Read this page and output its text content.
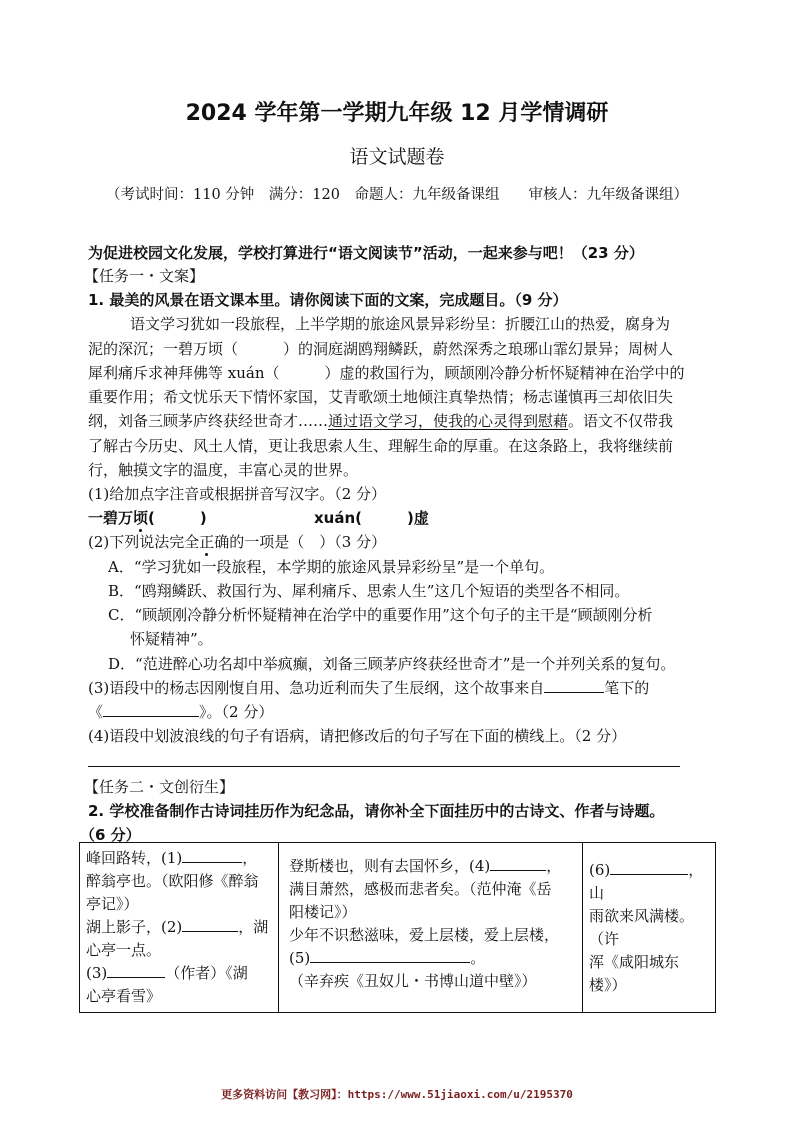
2024 学年第一学期九年级 12 月学情调研
语文试题卷
（考试时间：110 分钟　满分：120　命题人：九年级备课组　　审核人：九年级备课组）
为促进校园文化发展，学校打算进行“语文阅读节”活动，一起来参与吧！（23 分）
【任务一・文案】
1. 最美的风景在语文课本里。请你阅读下面的文案，完成题目。（9 分）
语文学习犹如一段旅程，上半学期的旅途风景异彩纷呈：折腰江山的热爱，腐身为
泥的深沉；一碧万顷（　　　）的洞庭湖鸥翔鳞跃，蔚然深秀之琅琊山霏幻景异；周树人
犀利痛斥求神拜佛等 xuán（　　　）虚的救国行为，顾颉刚冷静分析怀疑精神在治学中的
重要作用；希文忧乐天下情怀家国，艾青歌颂土地倾注真挚热情；杨志谨慎再三却依旧失
纲，刘备三顾茅庐终获经世奇才……通过语文学习，使我的心灵得到慰藉。语文不仅带我
了解古今历史、风土人情，更让我思索人生、理解生命的厚重。在这条路上，我将继续前
行，触摸文字的温度，丰富心灵的世界。
(1)给加点字注音或根据拼音写汉字。（2 分）
一碧万顷(　　　)	xuán(　　　)虚
(2)下列说法完全正确的一项是（　）（3 分）
A．“学习犹如一段旅程，本学期的旅途风景异彩纷呈”是一个单句。
B．“鸥翔鳞跃、救国行为、犀利痛斥、思索人生”这几个短语的类型各不相同。
C．“顾颉刚冷静分析怀疑精神在治学中的重要作用”这个句子的主干是“顾颉刚分析
怀疑精神”。
D．“范进醉心功名却中举疯癫，刘备三顾茅庐终获经世奇才”是一个并列关系的复句。
(3)语段中的杨志因刚愎自用、急功近利而失了生辰纲，这个故事来自	笔下的
《	》。（2 分）
(4)语段中划波浪线的句子有语病，请把修改后的句子写在下面的横线上。（2 分）
【任务二・文创衍生】
2. 学校准备制作古诗词挂历作为纪念品，请你补全下面挂历中的古诗文、作者与诗题。
（6 分）
峰回路转，(1)	，
醉翁亭也。（欧阳修《醉翁
亭记》）
湖上影子，(2)	，湖
心亭一点。
(3)	（作者）《湖
心亭看雪》

登斯楼也，则有去国怀乡，(4)	，
满目萧然，感极而悲者矣。（范仲淹《岳
阳楼记》）
少年不识愁滋味，爱上层楼，爱上层楼，
(5)	。
（辛弃疾《丑奴儿・书博山道中壁》）

(6)	，山
雨欲来风满楼。（许
浑《咸阳城东楼》）
更多资料访问【教习网】：https://www.51jiaoxi.com/u/2195370
